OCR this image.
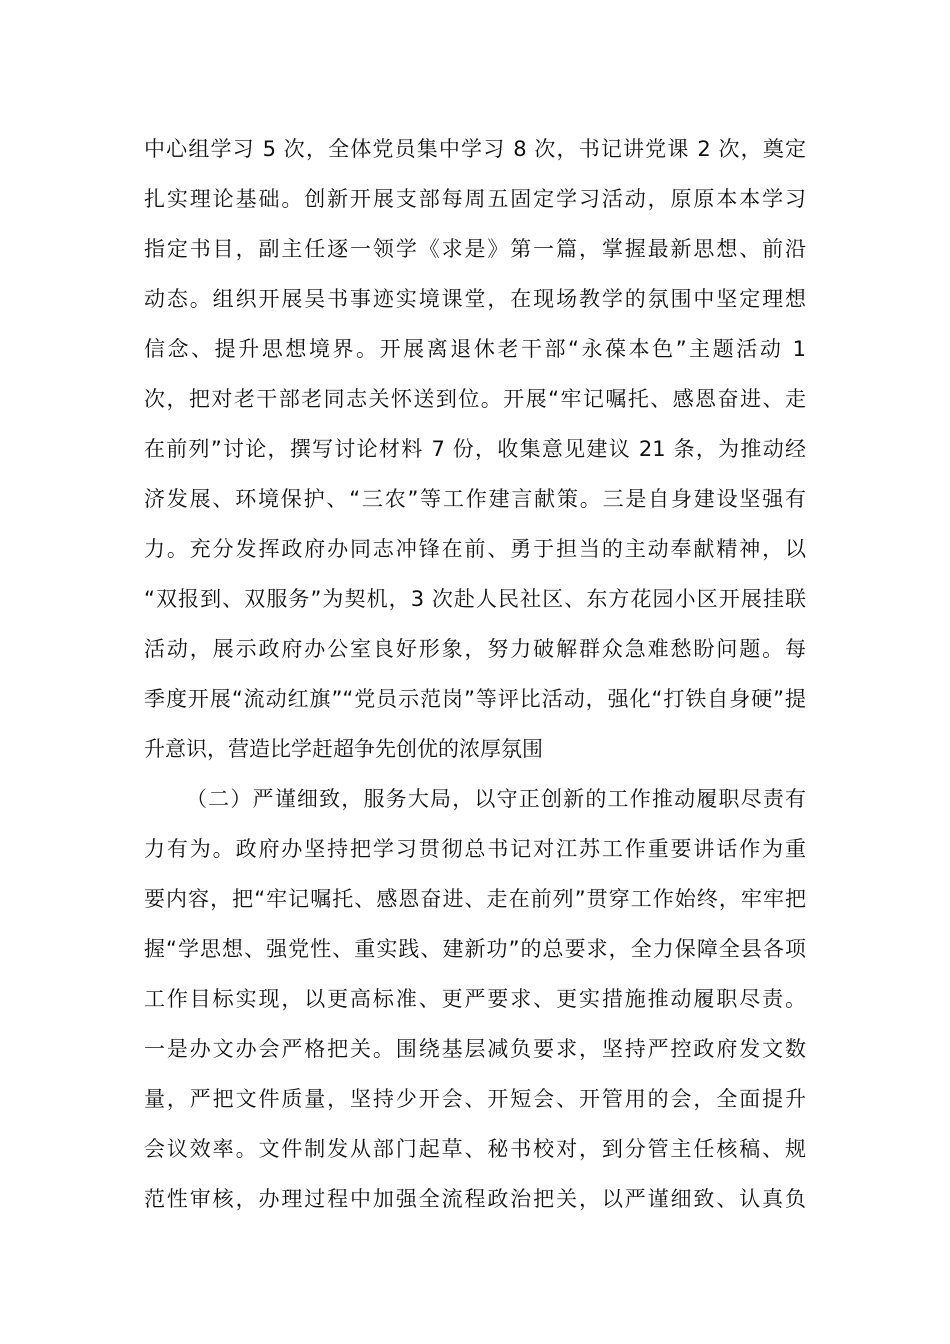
中心组学习 5 次，全体党员集中学习 8 次，书记讲党课 2 次，奠定
扎实理论基础。创新开展支部每周五固定学习活动，原原本本学习
指定书目，副主任逐一领学《求是》第一篇，掌握最新思想、前沿
动态。组织开展吴书事迹实境课堂，在现场教学的氛围中坚定理想
信念、提升思想境界。开展离退休老干部“永葆本色”主题活动 1
次，把对老干部老同志关怀送到位。开展“牢记嘱托、感恩奋进、走
在前列”讨论，撰写讨论材料 7 份，收集意见建议 21 条，为推动经
济发展、环境保护、“三农”等工作建言献策。三是自身建设坚强有
力。充分发挥政府办同志冲锋在前、勇于担当的主动奉献精神，以
“双报到、双服务”为契机，3 次赴人民社区、东方花园小区开展挂联
活动，展示政府办公室良好形象，努力破解群众急难愁盼问题。每
季度开展“流动红旗”“党员示范岗”等评比活动，强化“打铁自身硬”提
升意识，营造比学赶超争先创优的浓厚氛围
（二）严谨细致，服务大局，以守正创新的工作推动履职尽责有
力有为。政府办坚持把学习贯彻总书记对江苏工作重要讲话作为重
要内容，把“牢记嘱托、感恩奋进、走在前列”贯穿工作始终，牢牢把
握“学思想、强党性、重实践、建新功”的总要求，全力保障全县各项
工作目标实现，以更高标准、更严要求、更实措施推动履职尽责。
一是办文办会严格把关。围绕基层减负要求，坚持严控政府发文数
量，严把文件质量，坚持少开会、开短会、开管用的会，全面提升
会议效率。文件制发从部门起草、秘书校对，到分管主任核稿、规
范性审核，办理过程中加强全流程政治把关，以严谨细致、认真负
